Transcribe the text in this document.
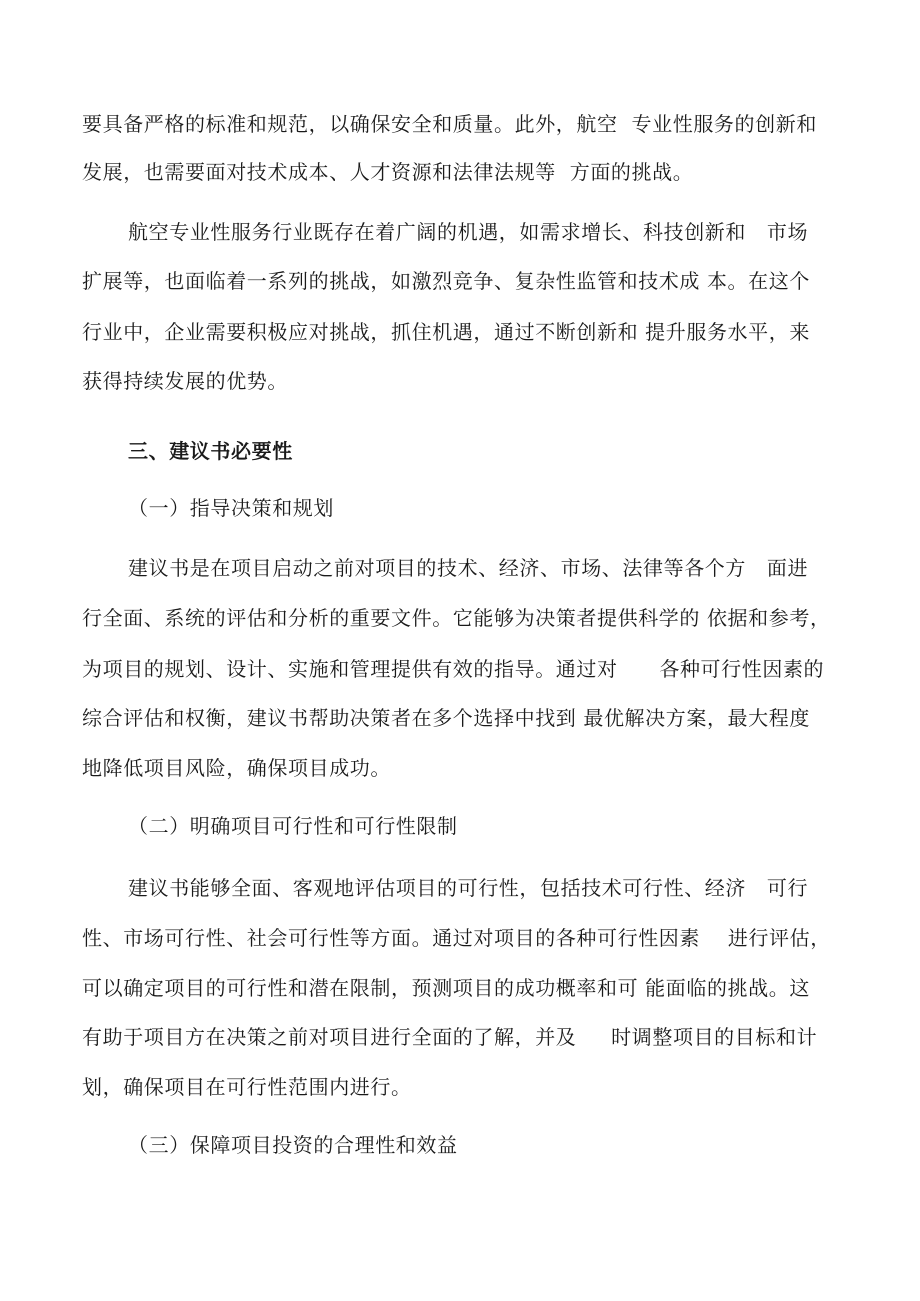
要具备严格的标准和规范，以确保安全和质量。此外，航空  专业性服务的创新和
发展，也需要面对技术成本、人才资源和法律法规等  方面的挑战。
航空专业性服务行业既存在着广阔的机遇，如需求增长、科技创新和   市场
扩展等，也面临着一系列的挑战，如激烈竞争、复杂性监管和技术成 本。在这个
行业中，企业需要积极应对挑战，抓住机遇，通过不断创新和 提升服务水平，来
获得持续发展的优势。
三、建议书必要性
（一）指导决策和规划
建议书是在项目启动之前对项目的技术、经济、市场、法律等各个方   面进
行全面、系统的评估和分析的重要文件。它能够为决策者提供科学的 依据和参考，
为项目的规划、设计、实施和管理提供有效的指导。通过对      各种可行性因素的
综合评估和权衡，建议书帮助决策者在多个选择中找到 最优解决方案，最大程度
地降低项目风险，确保项目成功。
（二）明确项目可行性和可行性限制
建议书能够全面、客观地评估项目的可行性，包括技术可行性、经济   可行
性、市场可行性、社会可行性等方面。通过对项目的各种可行性因素    进行评估，
可以确定项目的可行性和潜在限制，预测项目的成功概率和可 能面临的挑战。这
有助于项目方在决策之前对项目进行全面的了解，并及     时调整项目的目标和计
划，确保项目在可行性范围内进行。
（三）保障项目投资的合理性和效益
